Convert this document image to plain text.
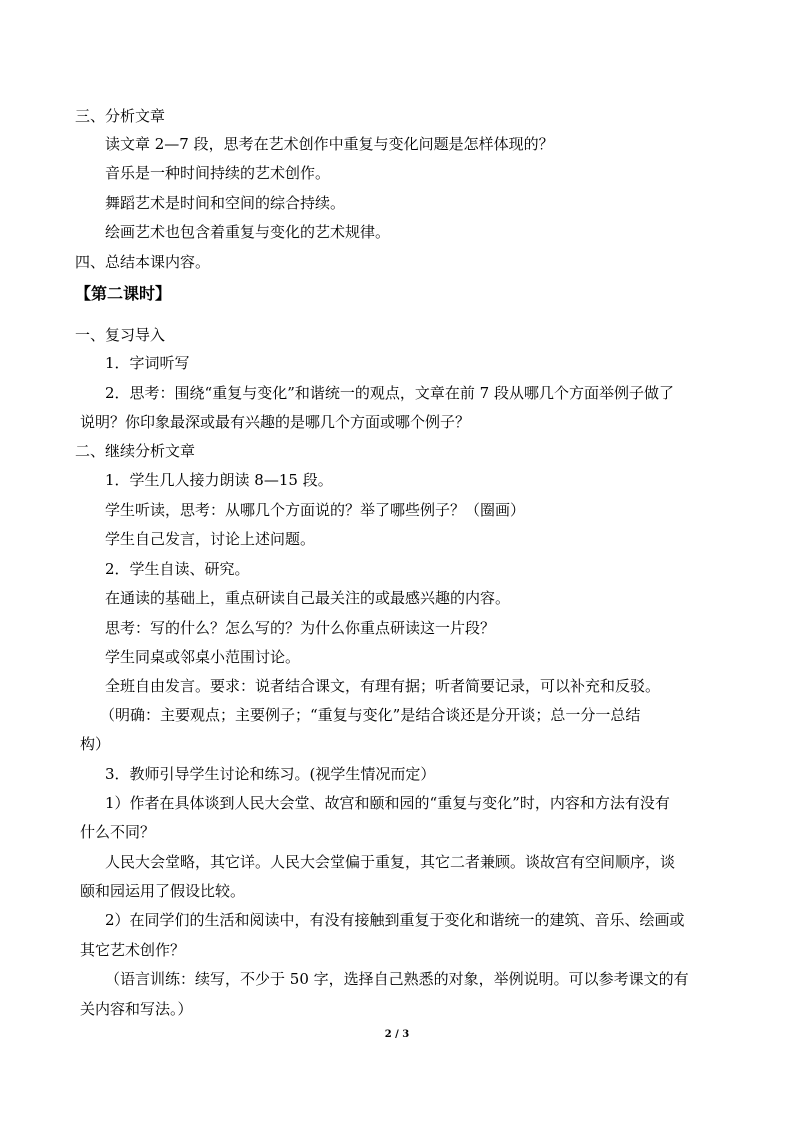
三、分析文章

读文章 2—7 段，思考在艺术创作中重复与变化问题是怎样体现的？

音乐是一种时间持续的艺术创作。

舞蹈艺术是时间和空间的综合持续。

绘画艺术也包含着重复与变化的艺术规律。

四、总结本课内容。

【第二课时】

一、复习导入

1．字词听写

2．思考：围绕“重复与变化”和谐统一的观点，文章在前 7 段从哪几个方面举例子做了

说明？你印象最深或最有兴趣的是哪几个方面或哪个例子？

二、继续分析文章

1．学生几人接力朗读 8—15 段。

学生听读，思考：从哪几个方面说的？举了哪些例子？（圈画）

学生自己发言，讨论上述问题。

2．学生自读、研究。

在通读的基础上，重点研读自己最关注的或最感兴趣的内容。

思考：写的什么？怎么写的？为什么你重点研读这一片段？

学生同桌或邻桌小范围讨论。

全班自由发言。要求：说者结合课文，有理有据；听者简要记录，可以补充和反驳。

（明确：主要观点；主要例子；“重复与变化”是结合谈还是分开谈；总一分一总结

构）

3．教师引导学生讨论和练习。(视学生情况而定）

1）作者在具体谈到人民大会堂、故宫和颐和园的“重复与变化”时，内容和方法有没有

什么不同？

人民大会堂略，其它详。人民大会堂偏于重复，其它二者兼顾。谈故宫有空间顺序，谈

颐和园运用了假设比较。

2）在同学们的生活和阅读中，有没有接触到重复于变化和谐统一的建筑、音乐、绘画或

其它艺术创作？

（语言训练：续写，不少于 50 字，选择自己熟悉的对象，举例说明。可以参考课文的有

关内容和写法。）

2 / 3
